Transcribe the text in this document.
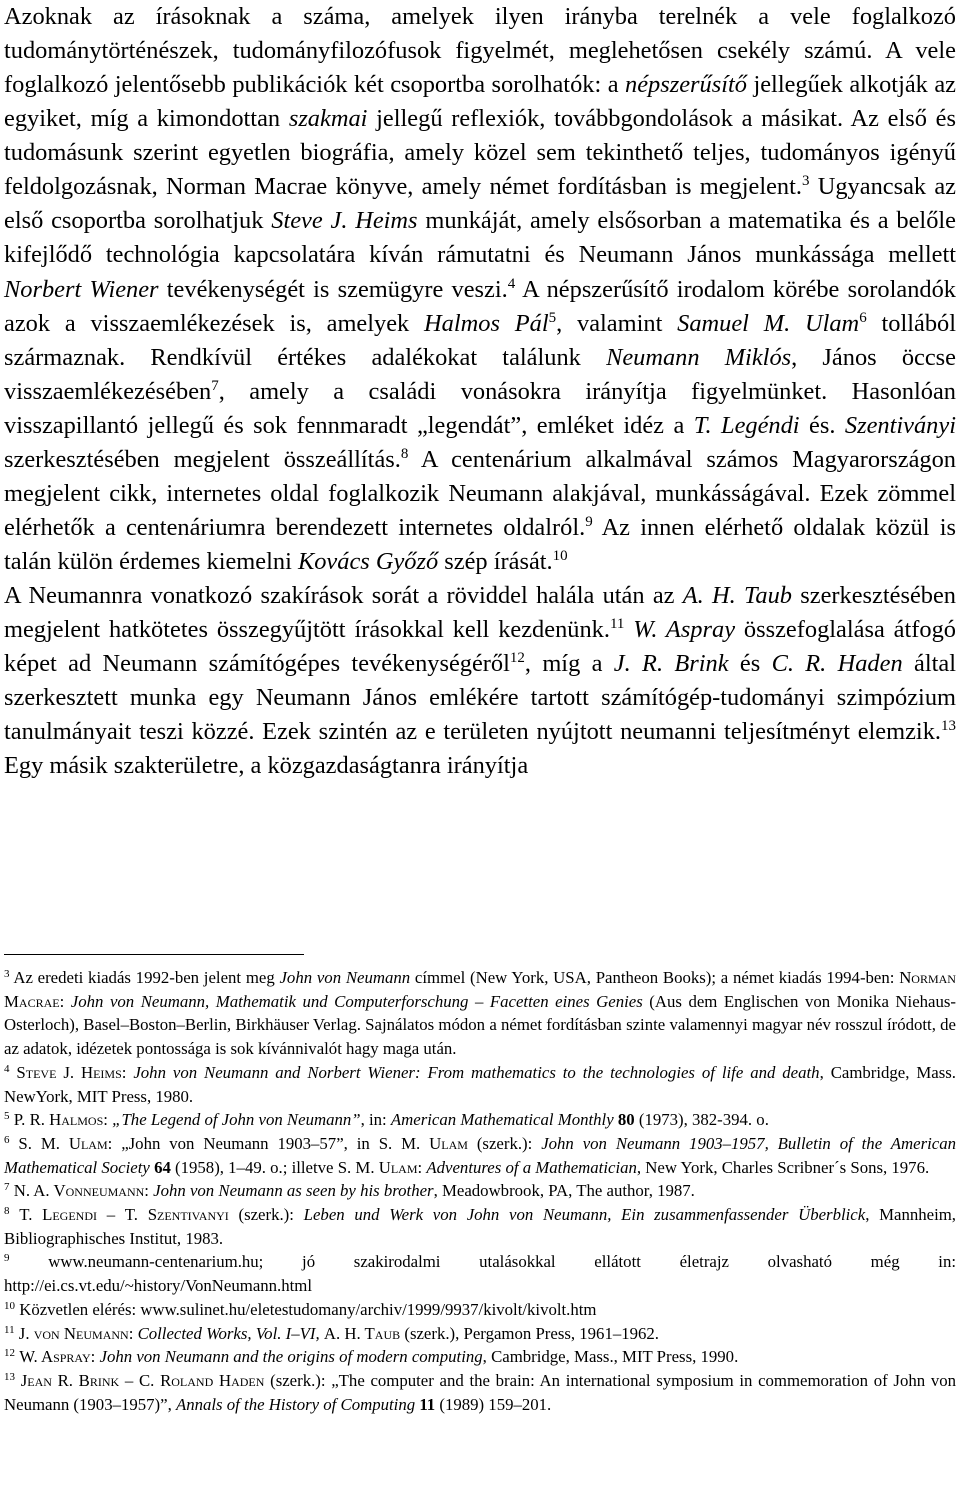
Azoknak az írásoknak a száma, amelyek ilyen irányba terelnék a vele foglalkozó tudománytörténészek, tudományfilozófusok figyelmét, meglehetősen csekély számú. A vele foglalkozó jelentősebb publikációk két csoportba sorolhatók: a népszerűsítő jellegűek alkotják az egyiket, míg a kimondottan szakmai jellegű reflexiók, továbbgondolások a másikat. Az első és tudomásunk szerint egyetlen biográfia, amely közel sem tekinthető teljes, tudományos igényű feldolgozásnak, Norman Macrae könyve, amely német fordításban is megjelent.$^3$ Ugyancsak az első csoportba sorolhatjuk Steve J. Heims munkáját, amely elsősorban a matematika és a belőle kifejlődő technológia kapcsolatára kíván rámutatni és Neumann János munkássága mellett Norbert Wiener tevékenységét is szemügyre veszi.$^4$ A népszerűsítő irodalom körébe sorolandók azok a visszaemlékezések is, amelyek Halmos Pál$^5$, valamint Samuel M. Ulam$^6$ tollából származnak. Rendkívül értékes adalékokat találunk Neumann Miklós, János öccse visszaemlékezésében$^7$, amely a családi vonásokra irányítja figyelmünket. Hasonlóan visszapillantó jellegű és sok fennmaradt „legendát”, emléket idéz a T. Legéndi és. Szentiványi szerkesztésében megjelent összeállítás.$^8$ A centenárium alkalmával számos Magyarországon megjelent cikk, internetes oldal foglalkozik Neumann alakjával, munkásságával. Ezek zömmel elérhetők a centenáriumra berendezett internetes oldalról.$^9$ Az innen elérhető oldalak közül is talán külön érdemes kiemelni Kovács Győző szép írását.$^{10}$

A Neumannra vonatkozó szakírások sorát a röviddel halála után az A. H. Taub szerkesztésében megjelent hatkötetes összegyűjtött írásokkal kell kezdenünk.$^{11}$ W. Aspray összefoglalása átfogó képet ad Neumann számítógépes tevékenységéről$^{12}$, míg a J. R. Brink és C. R. Haden által szerkesztett munka egy Neumann János emlékére tartott számítógép-tudományi szimpózium tanulmányait teszi közzé. Ezek szintén az e területen nyújtott neumanni teljesítményt elemzik.$^{13}$ Egy másik szakterületre, a közgazdaságtanra irányítja

$^3$ Az eredeti kiadás 1992-ben jelent meg John von Neumann címmel (New York, USA, Pantheon Books); a német kiadás 1994-ben: Norman Macrae: John von Neumann, Mathematik und Computerforschung – Facetten eines Genies (Aus dem Englischen von Monika Niehaus-Osterloch), Basel–Boston–Berlin, Birkhäuser Verlag. Sajnálatos módon a német fordításban szinte valamennyi magyar név rosszul íródott, de az adatok, idézetek pontossága is sok kívánnivalót hagy maga után.

$^4$ Steve J. Heims: John von Neumann and Norbert Wiener: From mathematics to the technologies of life and death, Cambridge, Mass. NewYork, MIT Press, 1980.

$^5$ P. R. Halmos: „The Legend of John von Neumann”, in: American Mathematical Monthly 80 (1973), 382-394. o.

$^6$ S. M. Ulam: „John von Neumann 1903–57”, in S. M. Ulam (szerk.): John von Neumann 1903–1957, Bulletin of the American Mathematical Society 64 (1958), 1–49. o.; illetve S. M. Ulam: Adventures of a Mathematician, New York, Charles Scribner´s Sons, 1976.

$^7$ N. A. Vonneumann: John von Neumann as seen by his brother, Meadowbrook, PA, The author, 1987.

$^8$ T. Legendi – T. Szentivanyi (szerk.): Leben und Werk von John von Neumann, Ein zusammenfassender Überblick, Mannheim, Bibliographisches Institut, 1983.

$^9$ www.neumann-centenarium.hu; jó szakirodalmi utalásokkal ellátott életrajz olvasható még in: http://ei.cs.vt.edu/~history/VonNeumann.html

$^{10}$ Közvetlen elérés: www.sulinet.hu/eletestudomany/archiv/1999/9937/kivolt/kivolt.htm

$^{11}$ J. von Neumann: Collected Works, Vol. I–VI, A. H. Taub (szerk.), Pergamon Press, 1961–1962.

$^{12}$ W. Aspray: John von Neumann and the origins of modern computing, Cambridge, Mass., MIT Press, 1990.

$^{13}$ Jean R. Brink – C. Roland Haden (szerk.): „The computer and the brain: An international symposium in commemoration of John von Neumann (1903–1957)”, Annals of the History of Computing 11 (1989) 159–201.
